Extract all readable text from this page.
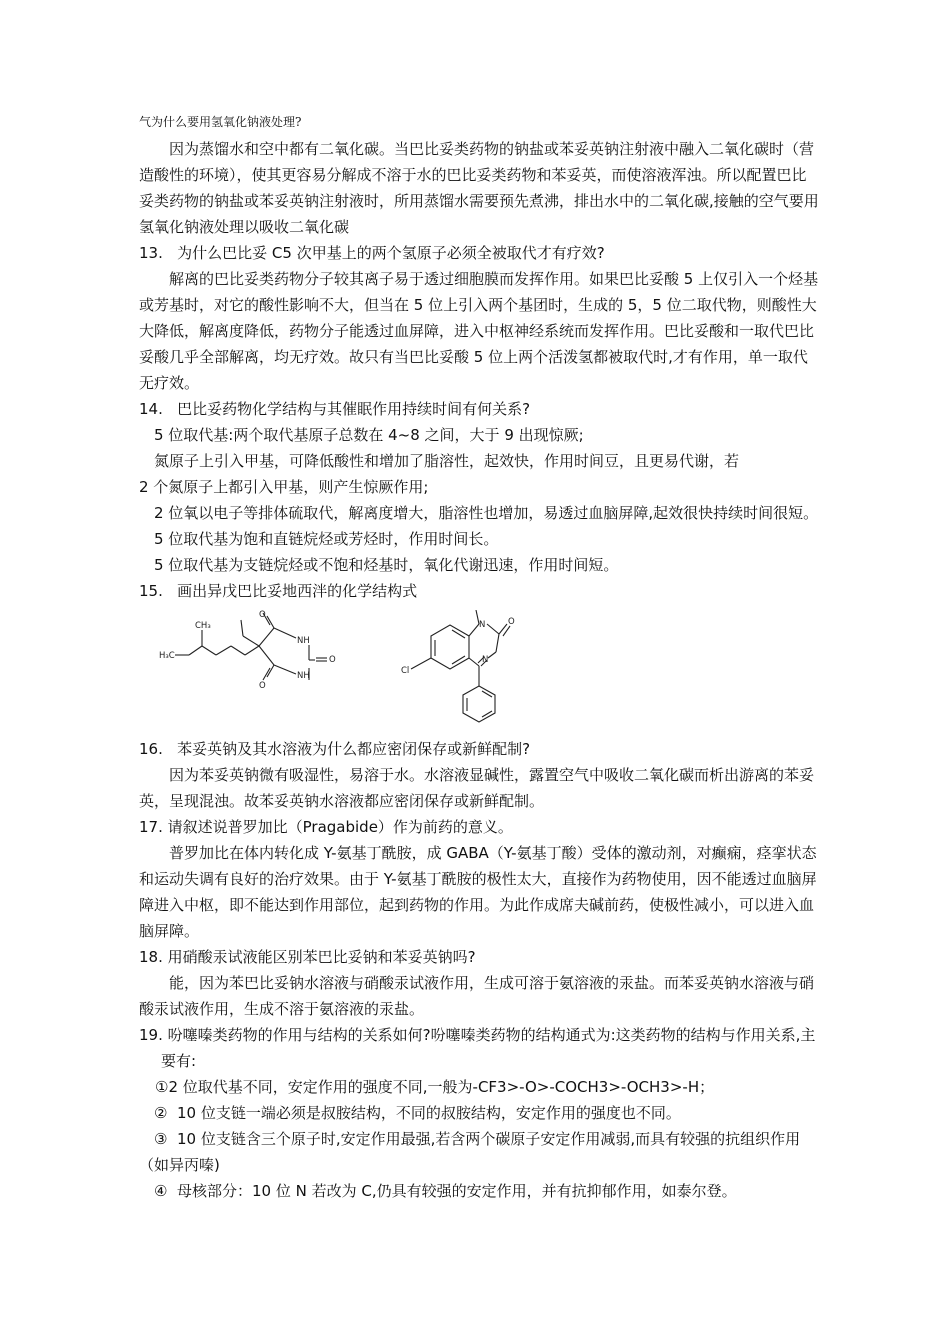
气为什么要用氢氧化钠液处理?

因为蒸馏水和空中都有二氧化碳。当巴比妥类药物的钠盐或苯妥英钠注射液中融入二氧化碳时（营造酸性的环境），使其更容易分解成不溶于水的巴比妥类药物和苯妥英，而使溶液浑浊。所以配置巴比妥类药物的钠盐或苯妥英钠注射液时，所用蒸馏水需要预先煮沸，排出水中的二氧化碳,接触的空气要用氢氧化钠液处理以吸收二氧化碳

13.   为什么巴比妥 C5 次甲基上的两个氢原子必须全被取代才有疗效?

解离的巴比妥类药物分子较其离子易于透过细胞膜而发挥作用。如果巴比妥酸 5 上仅引入一个烃基或芳基时，对它的酸性影响不大，但当在 5 位上引入两个基团时，生成的 5，5 位二取代物，则酸性大大降低，解离度降低，药物分子能透过血屏障，进入中枢神经系统而发挥作用。巴比妥酸和一取代巴比妥酸几乎全部解离，均无疗效。故只有当巴比妥酸 5 位上两个活泼氢都被取代时,才有作用，单一取代无疗效。

14.   巴比妥药物化学结构与其催眠作用持续时间有何关系?

5 位取代基:两个取代基原子总数在 4~8 之间，大于 9 出现惊厥;

氮原子上引入甲基，可降低酸性和增加了脂溶性，起效快，作用时间豆，且更易代谢，若

2 个氮原子上都引入甲基，则产生惊厥作用;

2 位氧以电子等排体硫取代，解离度增大，脂溶性也增加，易透过血脑屏障,起效很快持续时间很短。

5 位取代基为饱和直链烷烃或芳烃时，作用时间长。

5 位取代基为支链烷烃或不饱和烃基时，氧化代谢迅速，作用时间短。

15.   画出异戊巴比妥地西泮的化学结构式

H₃C
CH₃
NH
NH
O
O
O
N
N
O
Cl

16.   苯妥英钠及其水溶液为什么都应密闭保存或新鲜配制?

因为苯妥英钠微有吸湿性，易溶于水。水溶液显碱性，露置空气中吸收二氧化碳而析出游离的苯妥英，呈现混浊。故苯妥英钠水溶液都应密闭保存或新鲜配制。

17. 请叙述说普罗加比（Pragabide）作为前药的意义。

普罗加比在体内转化成 Y-氨基丁酰胺，成 GABA（Y-氨基丁酸）受体的激动剂，对癫痫，痉挛状态和运动失调有良好的治疗效果。由于 Y-氨基丁酰胺的极性太大，直接作为药物使用，因不能透过血脑屏障进入中枢，即不能达到作用部位，起到药物的作用。为此作成席夫碱前药，使极性减小，可以进入血脑屏障。

18. 用硝酸汞试液能区别苯巴比妥钠和苯妥英钠吗?

能，因为苯巴比妥钠水溶液与硝酸汞试液作用，生成可溶于氨溶液的汞盐。而苯妥英钠水溶液与硝酸汞试液作用，生成不溶于氨溶液的汞盐。

19. 吩噻嗪类药物的作用与结构的关系如何?吩噻嗪类药物的结构通式为:这类药物的结构与作用关系,主要有:

①2 位取代基不同，安定作用的强度不同,一般为-CF3>-O>-COCH3>-OCH3>-H；

②  10 位支链一端必须是叔胺结构，不同的叔胺结构，安定作用的强度也不同。

③  10 位支链含三个原子时,安定作用最强,若含两个碳原子安定作用减弱,而具有较强的抗组织作用（如异丙嗪)

④  母核部分：10 位 N 若改为 C,仍具有较强的安定作用，并有抗抑郁作用，如泰尔登。
